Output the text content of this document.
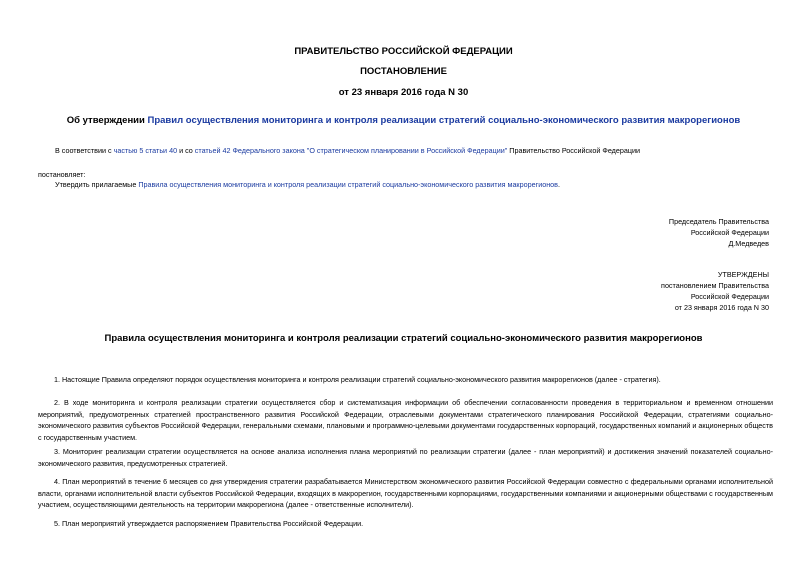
ПРАВИТЕЛЬСТВО РОССИЙСКОЙ ФЕДЕРАЦИИ
ПОСТАНОВЛЕНИЕ
от 23 января 2016 года N 30
Об утверждении Правил осуществления мониторинга и контроля реализации стратегий социально-экономического развития макрорегионов
В соответствии с частью 5 статьи 40 и со статьей 42 Федерального закона "О стратегическом планировании в Российской Федерации" Правительство Российской Федерации
постановляет:
Утвердить прилагаемые Правила осуществления мониторинга и контроля реализации стратегий социально-экономического развития макрорегионов.
Председатель Правительства
Российской Федерации
Д.Медведев
УТВЕРЖДЕНЫ
постановлением Правительства
Российской Федерации
от 23 января 2016 года N 30
Правила осуществления мониторинга и контроля реализации стратегий социально-экономического развития макрорегионов
1. Настоящие Правила определяют порядок осуществления мониторинга и контроля реализации стратегий социально-экономического развития макрорегионов (далее - стратегия).
2. В ходе мониторинга и контроля реализации стратегии осуществляется сбор и систематизация информации об обеспечении согласованности проведения в территориальном и временном отношении мероприятий, предусмотренных стратегией пространственного развития Российской Федерации, отраслевыми документами стратегического планирования Российской Федерации, стратегиями социально-экономического развития субъектов Российской Федерации, генеральными схемами, плановыми и программно-целевыми документами государственных корпораций, государственных компаний и акционерных обществ с государственным участием.
3. Мониторинг реализации стратегии осуществляется на основе анализа исполнения плана мероприятий по реализации стратегии (далее - план мероприятий) и достижения значений показателей социально-экономического развития, предусмотренных стратегией.
4. План мероприятий в течение 6 месяцев со дня утверждения стратегии разрабатывается Министерством экономического развития Российской Федерации совместно с федеральными органами исполнительной власти, органами исполнительной власти субъектов Российской Федерации, входящих в макрорегион, государственными корпорациями, государственными компаниями и акционерными обществами с государственным участием, осуществляющими деятельность на территории макрорегиона (далее - ответственные исполнители).
5. План мероприятий утверждается распоряжением Правительства Российской Федерации.
